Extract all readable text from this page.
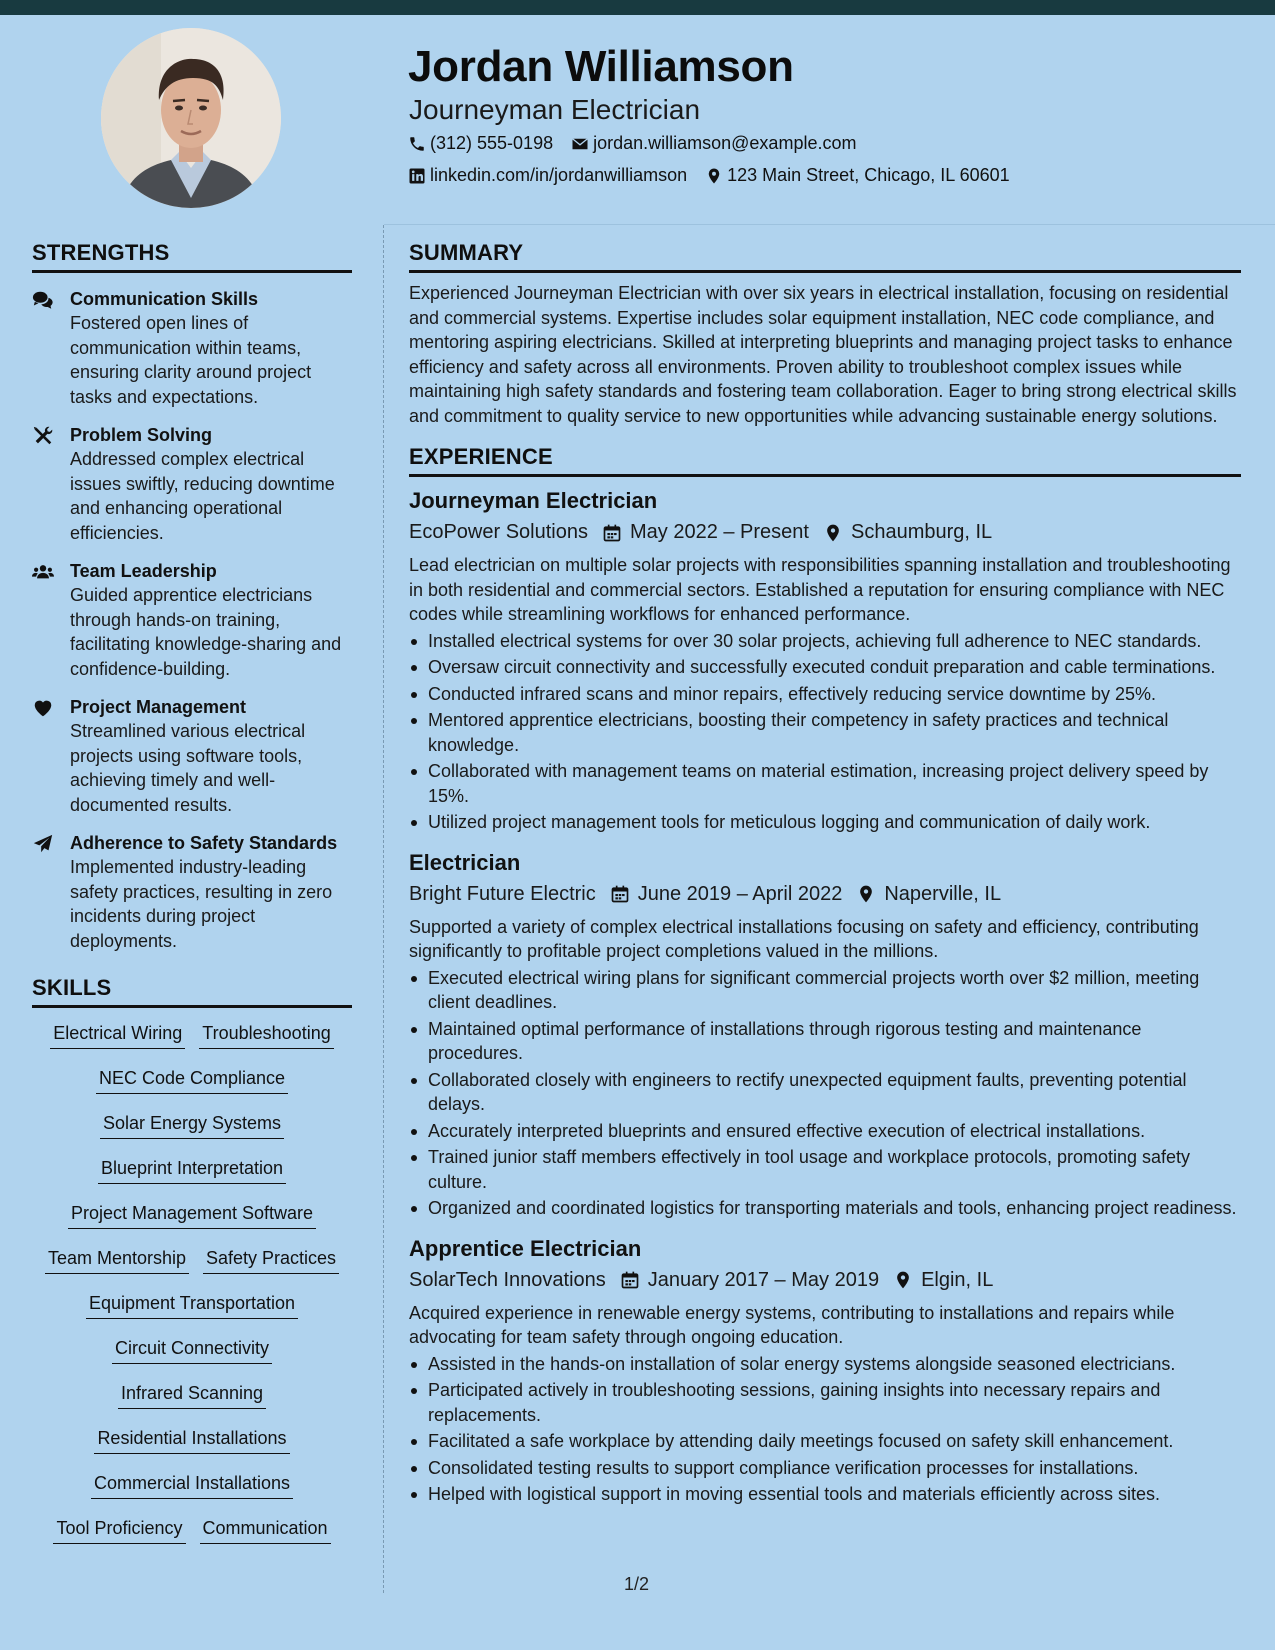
Jordan Williamson
Journeyman Electrician
(312) 555-0198 jordan.williamson@example.com
linkedin.com/in/jordanwilliamson 123 Main Street, Chicago, IL 60601
STRENGTHS
Communication Skills
Fostered open lines of communication within teams, ensuring clarity around project tasks and expectations.
Problem Solving
Addressed complex electrical issues swiftly, reducing downtime and enhancing operational efficiencies.
Team Leadership
Guided apprentice electricians through hands-on training, facilitating knowledge-sharing and confidence-building.
Project Management
Streamlined various electrical projects using software tools, achieving timely and well-documented results.
Adherence to Safety Standards
Implemented industry-leading safety practices, resulting in zero incidents during project deployments.
SKILLS
Electrical Wiring Troubleshooting
NEC Code Compliance
Solar Energy Systems
Blueprint Interpretation
Project Management Software
Team Mentorship Safety Practices
Equipment Transportation
Circuit Connectivity
Infrared Scanning
Residential Installations
Commercial Installations
Tool Proficiency Communication
SUMMARY
Experienced Journeyman Electrician with over six years in electrical installation, focusing on residential and commercial systems. Expertise includes solar equipment installation, NEC code compliance, and mentoring aspiring electricians. Skilled at interpreting blueprints and managing project tasks to enhance efficiency and safety across all environments. Proven ability to troubleshoot complex issues while maintaining high safety standards and fostering team collaboration. Eager to bring strong electrical skills and commitment to quality service to new opportunities while advancing sustainable energy solutions.
EXPERIENCE
Journeyman Electrician
EcoPower Solutions May 2022 – Present Schaumburg, IL
Lead electrician on multiple solar projects with responsibilities spanning installation and troubleshooting in both residential and commercial sectors. Established a reputation for ensuring compliance with NEC codes while streamlining workflows for enhanced performance.
Installed electrical systems for over 30 solar projects, achieving full adherence to NEC standards.
Oversaw circuit connectivity and successfully executed conduit preparation and cable terminations.
Conducted infrared scans and minor repairs, effectively reducing service downtime by 25%.
Mentored apprentice electricians, boosting their competency in safety practices and technical knowledge.
Collaborated with management teams on material estimation, increasing project delivery speed by 15%.
Utilized project management tools for meticulous logging and communication of daily work.
Electrician
Bright Future Electric June 2019 – April 2022 Naperville, IL
Supported a variety of complex electrical installations focusing on safety and efficiency, contributing significantly to profitable project completions valued in the millions.
Executed electrical wiring plans for significant commercial projects worth over $2 million, meeting client deadlines.
Maintained optimal performance of installations through rigorous testing and maintenance procedures.
Collaborated closely with engineers to rectify unexpected equipment faults, preventing potential delays.
Accurately interpreted blueprints and ensured effective execution of electrical installations.
Trained junior staff members effectively in tool usage and workplace protocols, promoting safety culture.
Organized and coordinated logistics for transporting materials and tools, enhancing project readiness.
Apprentice Electrician
SolarTech Innovations January 2017 – May 2019 Elgin, IL
Acquired experience in renewable energy systems, contributing to installations and repairs while advocating for team safety through ongoing education.
Assisted in the hands-on installation of solar energy systems alongside seasoned electricians.
Participated actively in troubleshooting sessions, gaining insights into necessary repairs and replacements.
Facilitated a safe workplace by attending daily meetings focused on safety skill enhancement.
Consolidated testing results to support compliance verification processes for installations.
Helped with logistical support in moving essential tools and materials efficiently across sites.
1/2
